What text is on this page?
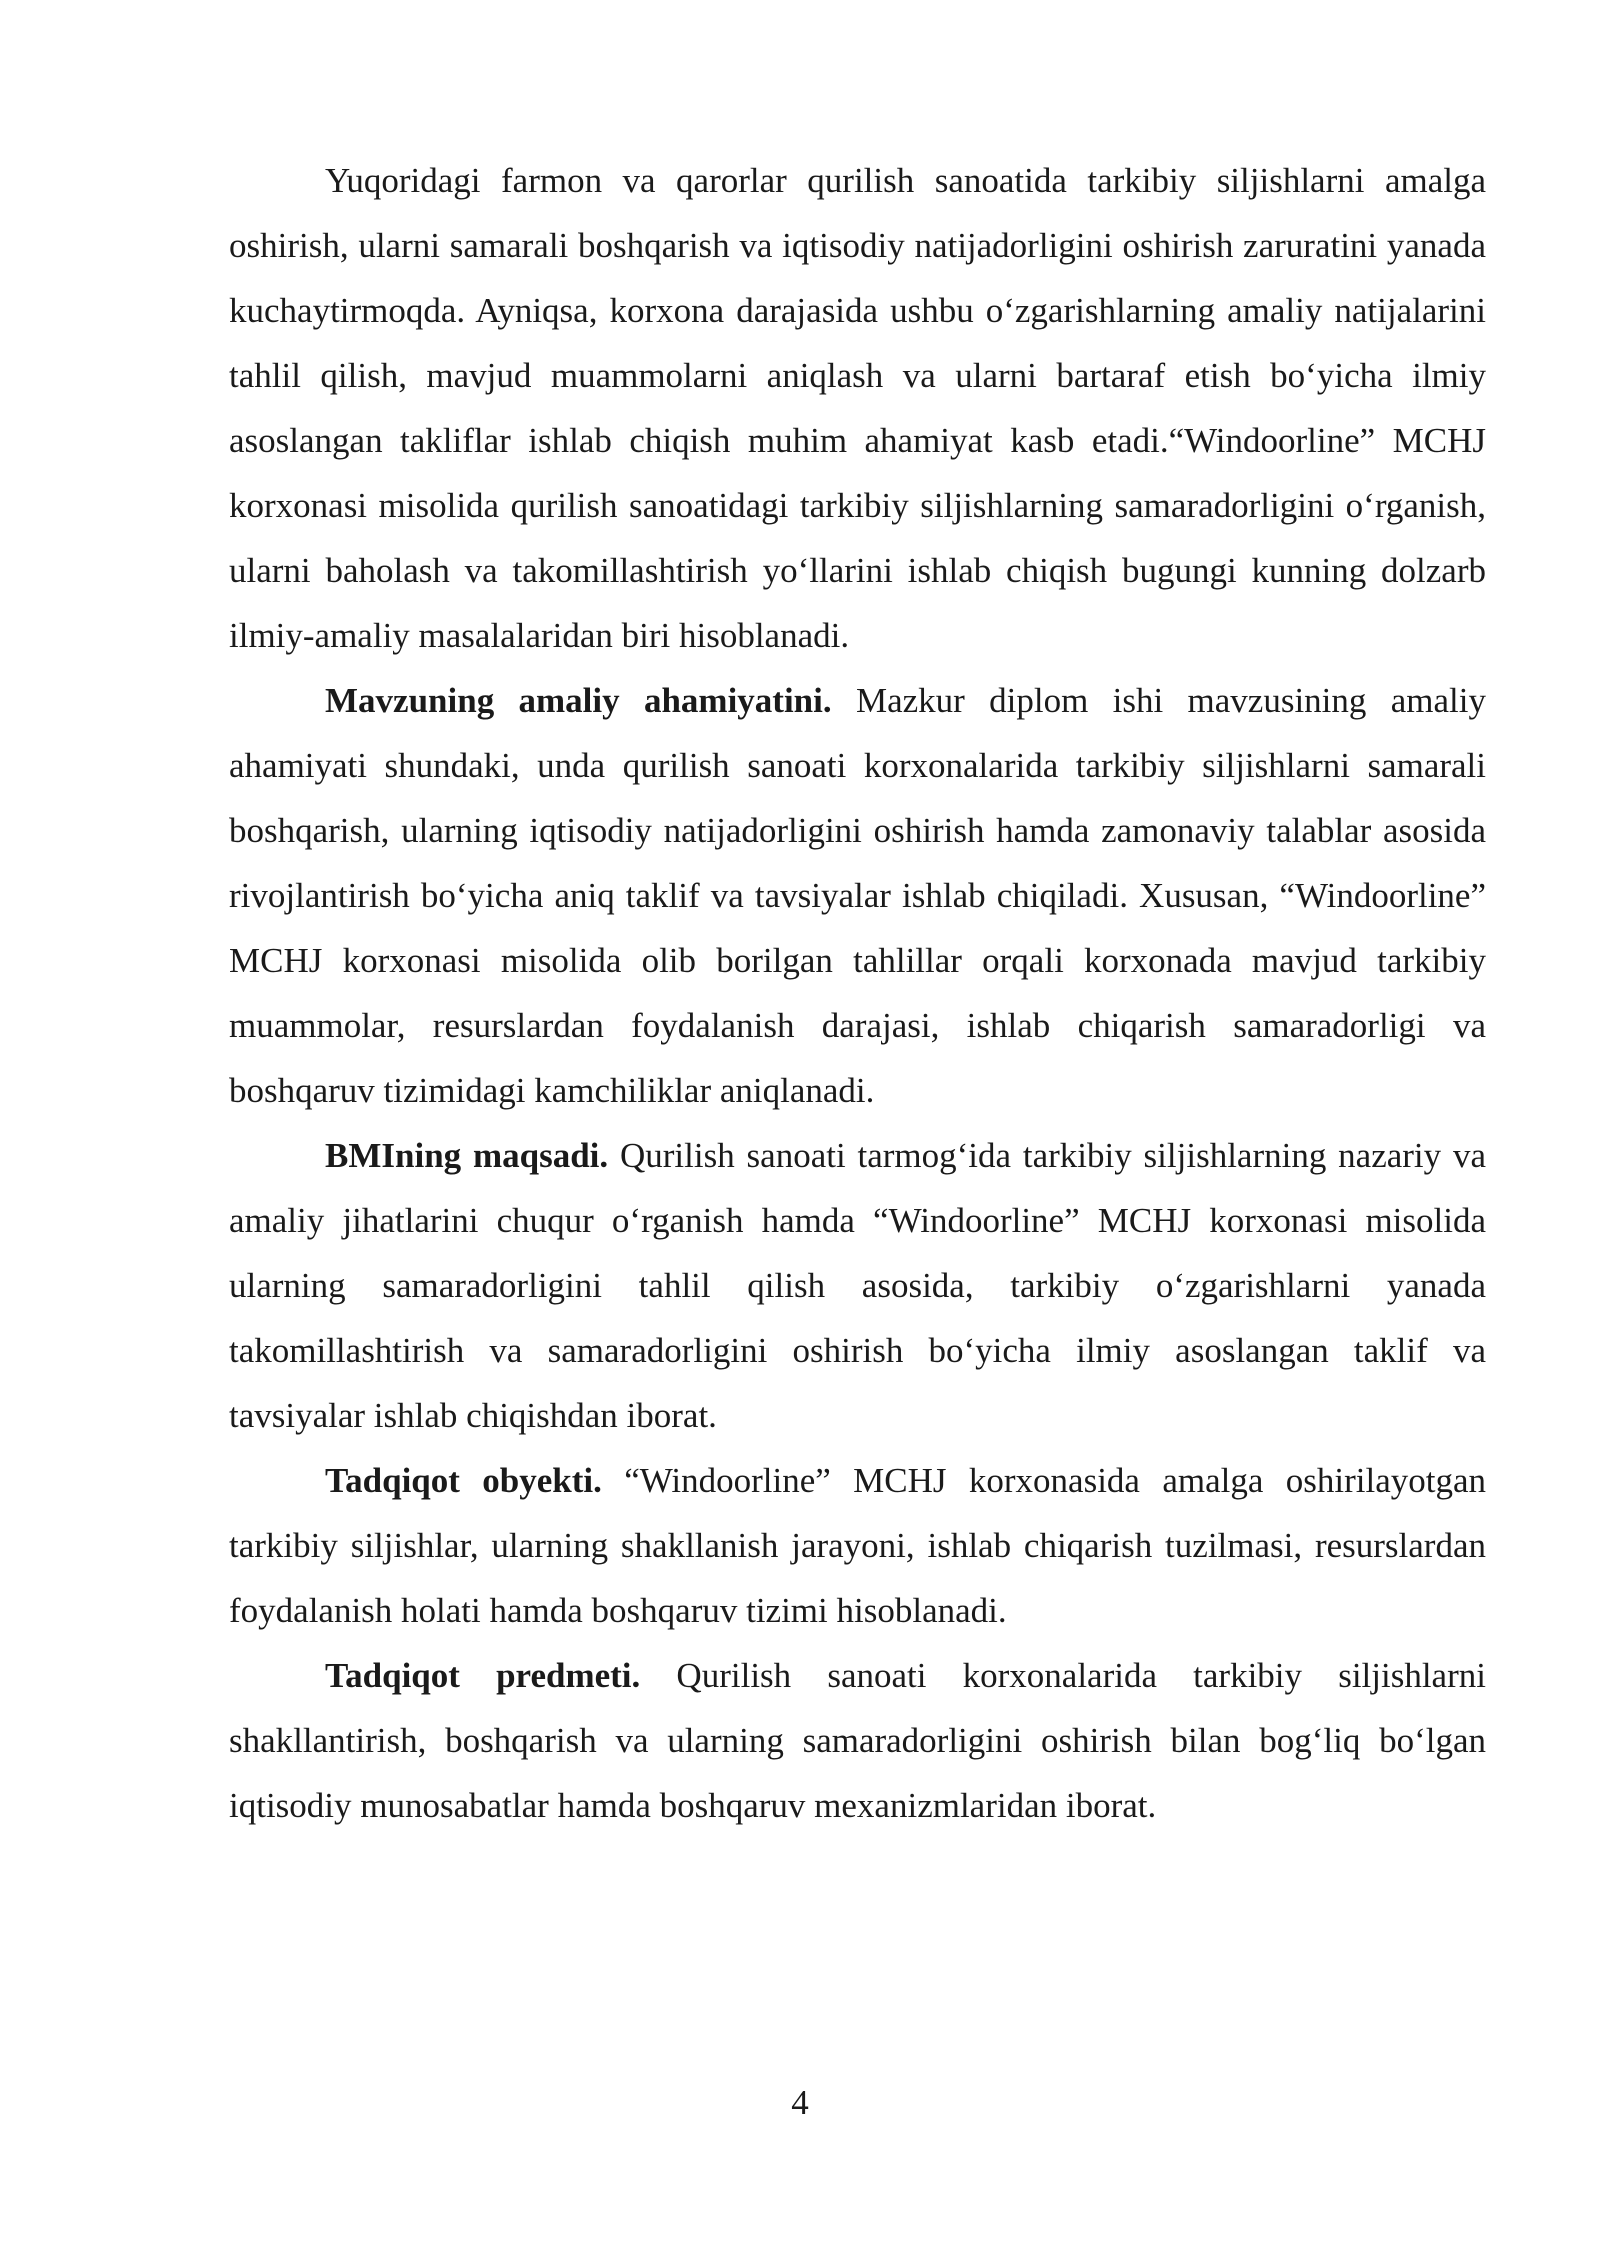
Yuqoridagi farmon va qarorlar qurilish sanoatida tarkibiy siljishlarni amalga oshirish, ularni samarali boshqarish va iqtisodiy natijadorligini oshirish zaruratini yanada kuchaytirmoqda. Ayniqsa, korxona darajasida ushbu o‘zgarishlarning amaliy natijalarini tahlil qilish, mavjud muammolarni aniqlash va ularni bartaraf etish bo‘yicha ilmiy asoslangan takliflar ishlab chiqish muhim ahamiyat kasb etadi.“Windoorline” MCHJ korxonasi misolida qurilish sanoatidagi tarkibiy siljishlarning samaradorligini o‘rganish, ularni baholash va takomillashtirish yo‘llarini ishlab chiqish bugungi kunning dolzarb ilmiy-amaliy masalalaridan biri hisoblanadi.

Mavzuning amaliy ahamiyatini. Mazkur diplom ishi mavzusining amaliy ahamiyati shundaki, unda qurilish sanoati korxonalarida tarkibiy siljishlarni samarali boshqarish, ularning iqtisodiy natijadorligini oshirish hamda zamonaviy talablar asosida rivojlantirish bo‘yicha aniq taklif va tavsiyalar ishlab chiqiladi. Xususan, “Windoorline” MCHJ korxonasi misolida olib borilgan tahlillar orqali korxonada mavjud tarkibiy muammolar, resurslardan foydalanish darajasi, ishlab chiqarish samaradorligi va boshqaruv tizimidagi kamchiliklar aniqlanadi.

BMIning maqsadi. Qurilish sanoati tarmog‘ida tarkibiy siljishlarning nazariy va amaliy jihatlarini chuqur o‘rganish hamda “Windoorline” MCHJ korxonasi misolida ularning samaradorligini tahlil qilish asosida, tarkibiy o‘zgarishlarni yanada takomillashtirish va samaradorligini oshirish bo‘yicha ilmiy asoslangan taklif va tavsiyalar ishlab chiqishdan iborat.

Tadqiqot obyekti. “Windoorline” MCHJ korxonasida amalga oshirilayotgan tarkibiy siljishlar, ularning shakllanish jarayoni, ishlab chiqarish tuzilmasi, resurslardan foydalanish holati hamda boshqaruv tizimi hisoblanadi.

Tadqiqot predmeti. Qurilish sanoati korxonalarida tarkibiy siljishlarni shakllantirish, boshqarish va ularning samaradorligini oshirish bilan bog‘liq bo‘lgan iqtisodiy munosabatlar hamda boshqaruv mexanizmlaridan iborat.

4
